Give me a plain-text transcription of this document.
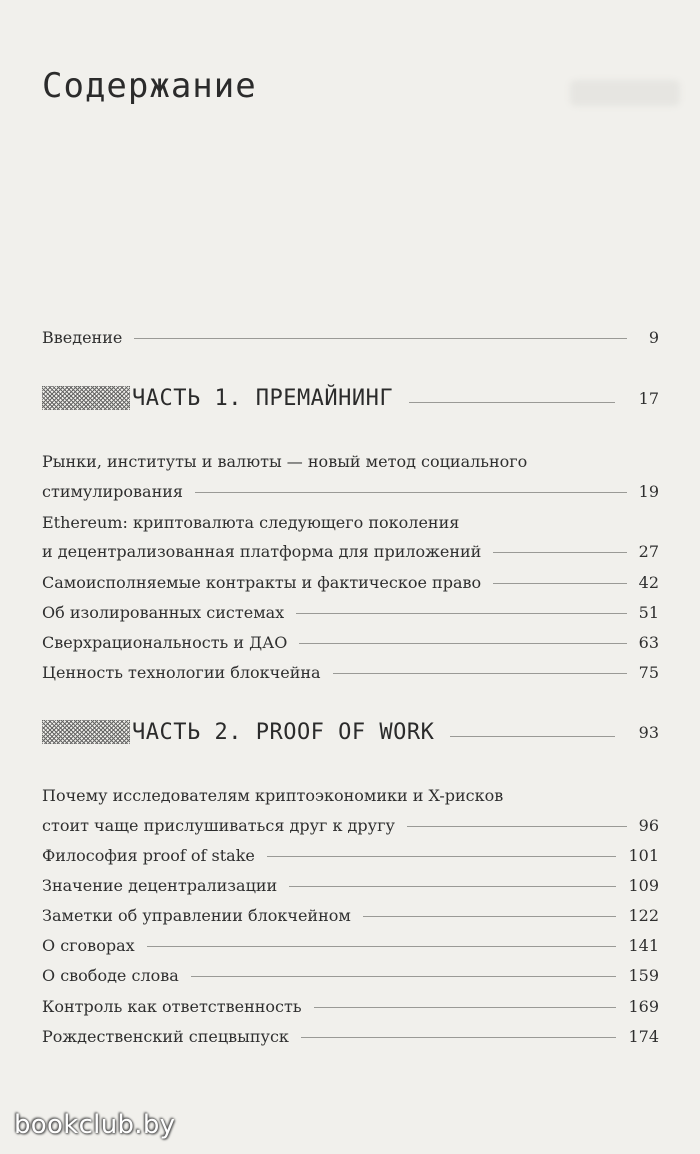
Содержание
Введение	9
ЧАСТЬ 1. ПРЕМАЙНИНГ	17
Рынки, институты и валюты — новый метод социального
стимулирования	19
Ethereum: криптовалюта следующего поколения
и децентрализованная платформа для приложений	27
Самоисполняемые контракты и фактическое право	42
Об изолированных системах	51
Сверхрациональность и ДАО	63
Ценность технологии блокчейна	75
ЧАСТЬ 2. PROOF OF WORK	93
Почему исследователям криптоэкономики и X-рисков
стоит чаще прислушиваться друг к другу	96
Философия proof of stake	101
Значение децентрализации	109
Заметки об управлении блокчейном	122
О сговорах	141
О свободе слова	159
Контроль как ответственность	169
Рождественский спецвыпуск	174
bookclub.by
